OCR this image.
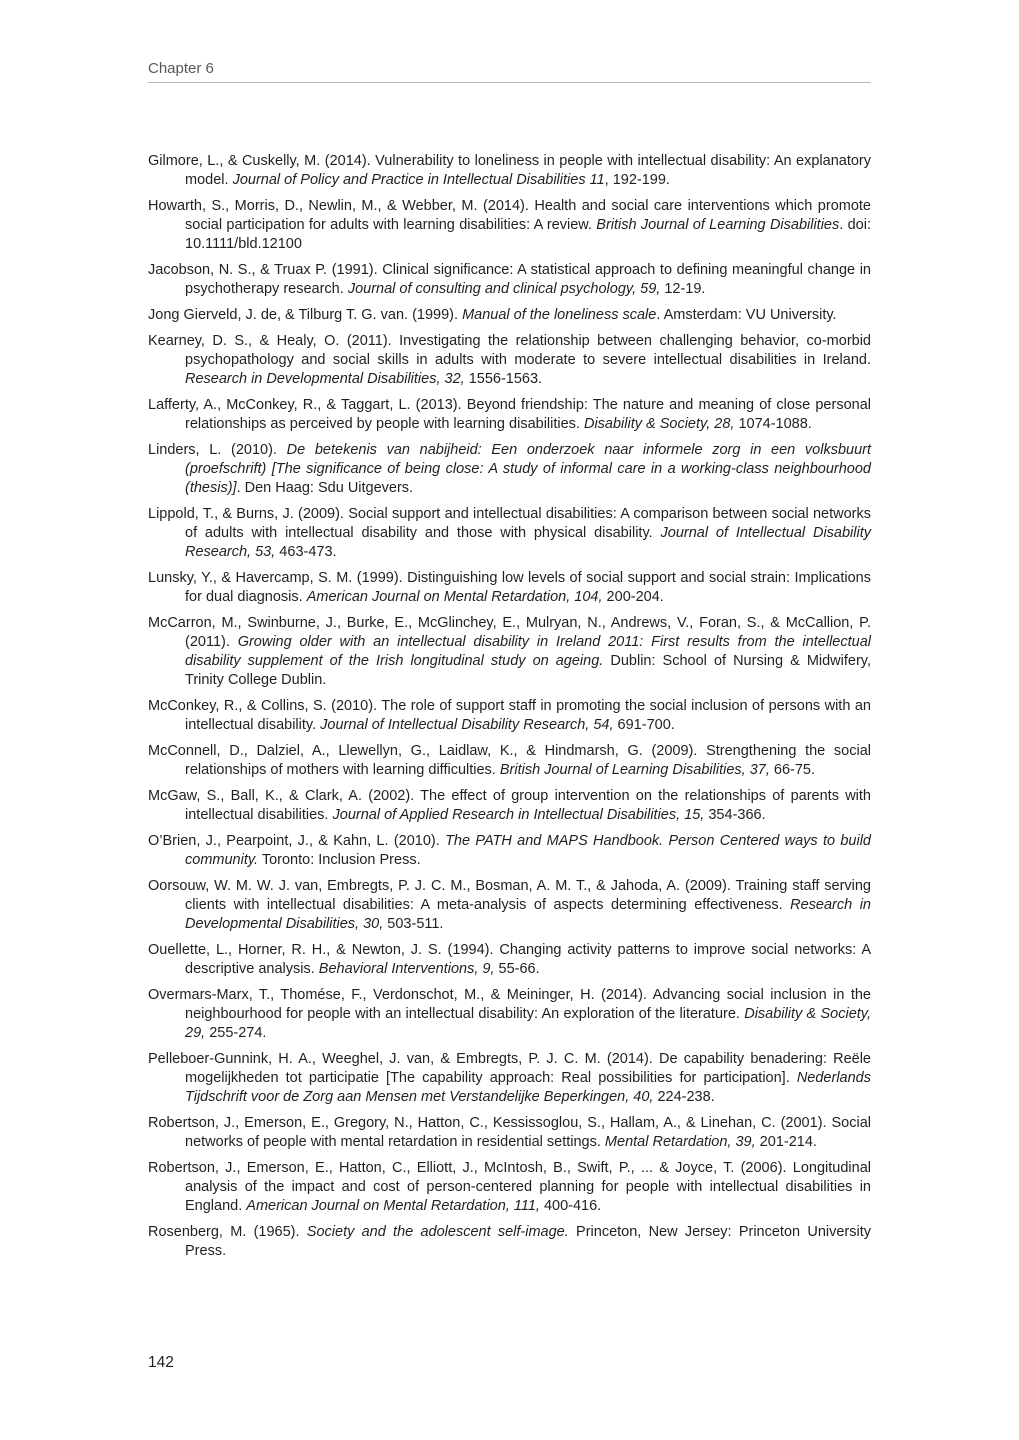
Chapter 6

Gilmore, L., & Cuskelly, M. (2014). Vulnerability to loneliness in people with intellectual disability: An explanatory model. Journal of Policy and Practice in Intellectual Disabilities 11, 192-199.

Howarth, S., Morris, D., Newlin, M., & Webber, M. (2014). Health and social care interventions which promote social participation for adults with learning disabilities: A review. British Journal of Learning Disabilities. doi: 10.1111/bld.12100

Jacobson, N. S., & Truax P. (1991). Clinical significance: A statistical approach to defining meaningful change in psychotherapy research. Journal of consulting and clinical psychology, 59, 12-19.

Jong Gierveld, J. de, & Tilburg T. G. van. (1999). Manual of the loneliness scale. Amsterdam: VU University.

Kearney, D. S., & Healy, O. (2011). Investigating the relationship between challenging behavior, co-morbid psychopathology and social skills in adults with moderate to severe intellectual disabilities in Ireland. Research in Developmental Disabilities, 32, 1556-1563.

Lafferty, A., McConkey, R., & Taggart, L. (2013). Beyond friendship: The nature and meaning of close personal relationships as perceived by people with learning disabilities. Disability & Society, 28, 1074-1088.

Linders, L. (2010). De betekenis van nabijheid: Een onderzoek naar informele zorg in een volksbuurt (proefschrift) [The significance of being close: A study of informal care in a working-class neighbourhood (thesis)]. Den Haag: Sdu Uitgevers.

Lippold, T., & Burns, J. (2009). Social support and intellectual disabilities: A comparison between social networks of adults with intellectual disability and those with physical disability. Journal of Intellectual Disability Research, 53, 463-473.

Lunsky, Y., & Havercamp, S. M. (1999). Distinguishing low levels of social support and social strain: Implications for dual diagnosis. American Journal on Mental Retardation, 104, 200-204.

McCarron, M., Swinburne, J., Burke, E., McGlinchey, E., Mulryan, N., Andrews, V., Foran, S., & McCallion, P. (2011). Growing older with an intellectual disability in Ireland 2011: First results from the intellectual disability supplement of the Irish longitudinal study on ageing. Dublin: School of Nursing & Midwifery, Trinity College Dublin.

McConkey, R., & Collins, S. (2010). The role of support staff in promoting the social inclusion of persons with an intellectual disability. Journal of Intellectual Disability Research, 54, 691-700.

McConnell, D., Dalziel, A., Llewellyn, G., Laidlaw, K., & Hindmarsh, G. (2009). Strengthening the social relationships of mothers with learning difficulties. British Journal of Learning Disabilities, 37, 66-75.

McGaw, S., Ball, K., & Clark, A. (2002). The effect of group intervention on the relationships of parents with intellectual disabilities. Journal of Applied Research in Intellectual Disabilities, 15, 354-366.

O’Brien, J., Pearpoint, J., & Kahn, L. (2010). The PATH and MAPS Handbook. Person Centered ways to build community. Toronto: Inclusion Press.

Oorsouw, W. M. W. J. van, Embregts, P. J. C. M., Bosman, A. M. T., & Jahoda, A. (2009). Training staff serving clients with intellectual disabilities: A meta-analysis of aspects determining effectiveness. Research in Developmental Disabilities, 30, 503-511.

Ouellette, L., Horner, R. H., & Newton, J. S. (1994). Changing activity patterns to improve social networks: A descriptive analysis. Behavioral Interventions, 9, 55-66.

Overmars-Marx, T., Thomése, F., Verdonschot, M., & Meininger, H. (2014). Advancing social inclusion in the neighbourhood for people with an intellectual disability: An exploration of the literature. Disability & Society, 29, 255-274.

Pelleboer-Gunnink, H. A., Weeghel, J. van, & Embregts, P. J. C. M. (2014). De capability benadering: Reële mogelijkheden tot participatie [The capability approach: Real possibilities for participation]. Nederlands Tijdschrift voor de Zorg aan Mensen met Verstandelijke Beperkingen, 40, 224-238.

Robertson, J., Emerson, E., Gregory, N., Hatton, C., Kessissoglou, S., Hallam, A., & Linehan, C. (2001). Social networks of people with mental retardation in residential settings. Mental Retardation, 39, 201-214.

Robertson, J., Emerson, E., Hatton, C., Elliott, J., McIntosh, B., Swift, P., ... & Joyce, T. (2006). Longitudinal analysis of the impact and cost of person-centered planning for people with intellectual disabilities in England. American Journal on Mental Retardation, 111, 400-416.

Rosenberg, M. (1965). Society and the adolescent self-image. Princeton, New Jersey: Princeton University Press.

142
